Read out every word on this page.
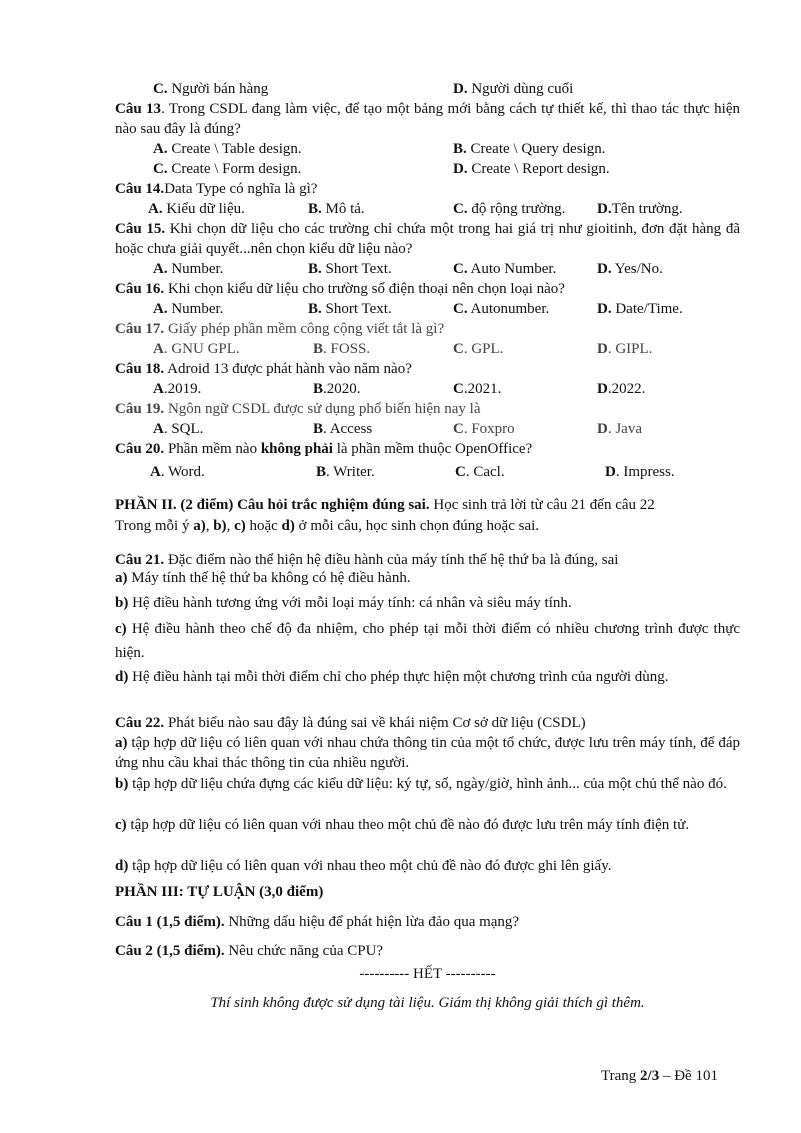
C. Người bán hàng	D. Người dùng cuối
Câu 13. Trong CSDL đang làm việc, để tạo một bảng mới bằng cách tự thiết kế, thì thao tác thực hiện nào sau đây là đúng?
A. Create \ Table design.	B. Create \ Query design.
C. Create \ Form design.	D. Create \ Report design.
Câu 14.Data Type có nghĩa là gì?
A. Kiểu dữ liệu.	B. Mô tả.	C. độ rộng trường. D.Tên trường.
Câu 15. Khi chọn dữ liệu cho các trường chỉ chứa một trong hai giá trị như gioitinh, đơn đặt hàng đã hoặc chưa giải quyết...nên chọn kiểu dữ liệu nào?
A. Number.	B. Short Text.	C. Auto Number.	D. Yes/No.
Câu 16. Khi chọn kiểu dữ liệu cho trường số điện thoại nên chọn loại nào?
A. Number.	B. Short Text.	C. Autonumber.	D. Date/Time.
Câu 17. Giấy phép phần mềm công cộng viết tắt là gì?
A. GNU GPL.	B. FOSS.	C. GPL.	D. GIPL.
Câu 18. Adroid 13 được phát hành vào năm nào?
A.2019.	B.2020.	C.2021.	D.2022.
Câu 19. Ngôn ngữ CSDL được sử dụng phổ biến hiện nay là
A. SQL.	B. Access	C. Foxpro	D. Java
Câu 20. Phần mềm nào không phải là phần mềm thuộc OpenOffice?
A. Word.	B. Writer.	C. Cacl.	D. Impress.
PHẦN II. (2 điểm) Câu hỏi trắc nghiệm đúng sai. Học sinh trả lời từ câu 21 đến câu 22
Trong mỗi ý a), b), c) hoặc d) ở mỗi câu, học sinh chọn đúng hoặc sai.
Câu 21. Đặc điểm nào thể hiện hệ điều hành của máy tính thế hệ thứ ba là đúng, sai
a) Máy tính thế hệ thứ ba không có hệ điều hành.
b) Hệ điều hành tương ứng với mỗi loại máy tính: cá nhân và siêu máy tính.
c) Hệ điều hành theo chế độ đa nhiệm, cho phép tại mỗi thời điểm có nhiều chương trình được thực hiện.
d) Hệ điều hành tại mỗi thời điểm chỉ cho phép thực hiện một chương trình của người dùng.
Câu 22. Phát biểu nào sau đây là đúng sai về khái niệm Cơ sở dữ liệu (CSDL)
a) tập hợp dữ liệu có liên quan với nhau chứa thông tin của một tổ chức, được lưu trên máy tính, để đáp ứng nhu cầu khai thác thông tin của nhiều người.
b) tập hợp dữ liệu chứa đựng các kiểu dữ liệu: ký tự, số, ngày/giờ, hình ảnh... của một chủ thể nào đó.
c) tập hợp dữ liệu có liên quan với nhau theo một chủ đề nào đó được lưu trên máy tính điện tử.
d) tập hợp dữ liệu có liên quan với nhau theo một chủ đề nào đó được ghi lên giấy.
PHẦN III: TỰ LUẬN (3,0 điểm)
Câu 1 (1,5 điểm). Những dấu hiệu để phát hiện lừa đảo qua mạng?
Câu 2 (1,5 điểm). Nêu chức năng của CPU?
---------- HẾT ----------
Thí sinh không được sử dụng tài liệu. Giám thị không giải thích gì thêm.
Trang 2/3 – Đề 101
